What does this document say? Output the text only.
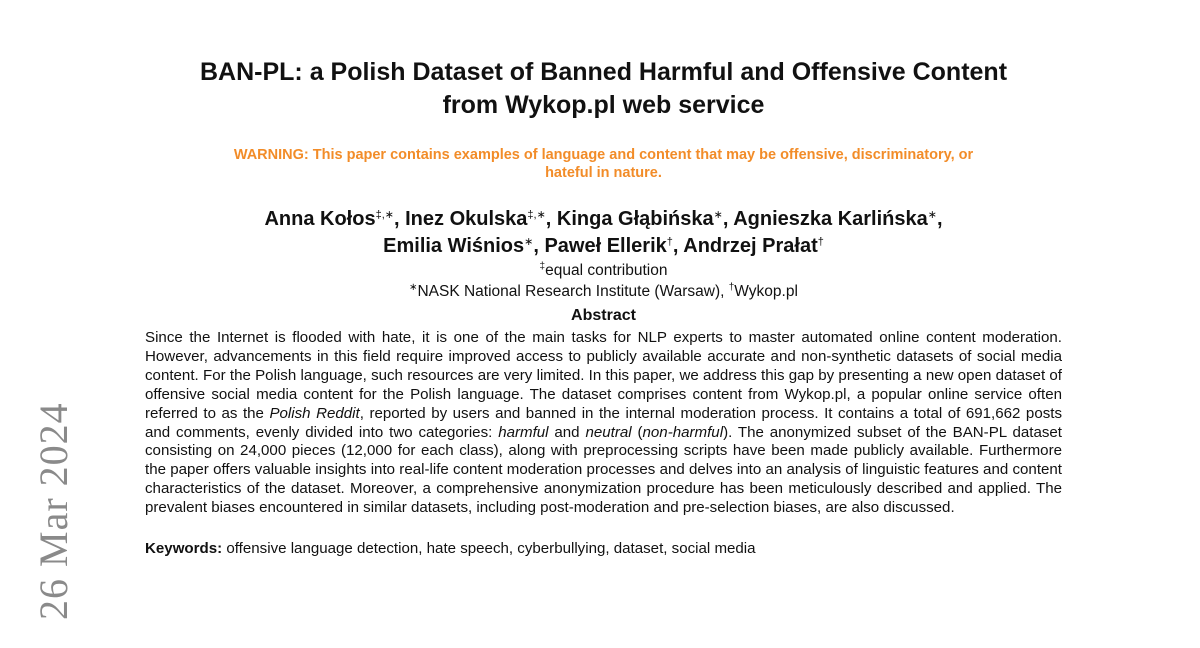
26 Mar 2024
BAN-PL: a Polish Dataset of Banned Harmful and Offensive Content
from Wykop.pl web service
WARNING: This paper contains examples of language and content that may be offensive, discriminatory, or
hateful in nature.
Anna Kołos‡,∗, Inez Okulska‡,∗, Kinga Głąbińska∗, Agnieszka Karlińska∗,
Emilia Wiśnios∗, Paweł Ellerik†, Andrzej Prałat†
‡equal contribution
∗NASK National Research Institute (Warsaw), †Wykop.pl
Abstract
Since the Internet is flooded with hate, it is one of the main tasks for NLP experts to master automated online content moderation. However, advancements in this field require improved access to publicly available accurate and non-synthetic datasets of social media content. For the Polish language, such resources are very limited. In this paper, we address this gap by presenting a new open dataset of offensive social media content for the Polish language. The dataset comprises content from Wykop.pl, a popular online service often referred to as the Polish Reddit, reported by users and banned in the internal moderation process. It contains a total of 691,662 posts and comments, evenly divided into two categories: harmful and neutral (non-harmful). The anonymized subset of the BAN-PL dataset consisting on 24,000 pieces (12,000 for each class), along with preprocessing scripts have been made publicly available. Furthermore the paper offers valuable insights into real-life content moderation processes and delves into an analysis of linguistic features and content characteristics of the dataset. Moreover, a comprehensive anonymization procedure has been meticulously described and applied. The prevalent biases encountered in similar datasets, including post-moderation and pre-selection biases, are also discussed.
Keywords: offensive language detection, hate speech, cyberbullying, dataset, social media
